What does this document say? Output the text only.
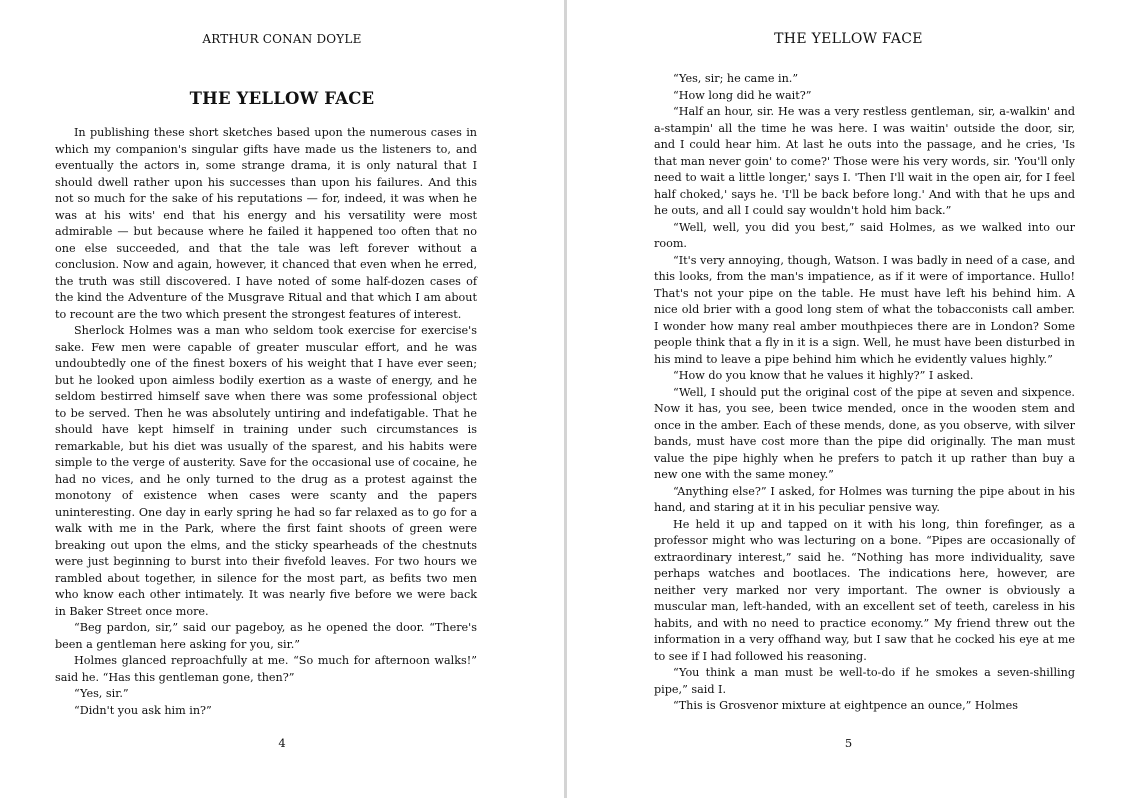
ARTHUR CONAN DOYLE
THE YELLOW FACE

In publishing these short sketches based upon the numerous cases in which my companion's singular gifts have made us the listeners to, and eventually the actors in, some strange drama, it is only natural that I should dwell rather upon his successes than upon his failures. And this not so much for the sake of his reputations — for, indeed, it was when he was at his wits' end that his energy and his versatility were most admirable — but because where he failed it happened too often that no one else succeeded, and that the tale was left forever without a conclusion. Now and again, however, it chanced that even when he erred, the truth was still discovered. I have noted of some half-dozen cases of the kind the Adventure of the Musgrave Ritual and that which I am about to recount are the two which present the strongest features of interest.

Sherlock Holmes was a man who seldom took exercise for exercise's sake. Few men were capable of greater muscular effort, and he was undoubtedly one of the finest boxers of his weight that I have ever seen; but he looked upon aimless bodily exertion as a waste of energy, and he seldom bestirred himself save when there was some professional object to be served. Then he was absolutely untiring and indefatigable. That he should have kept himself in training under such circumstances is remarkable, but his diet was usually of the sparest, and his habits were simple to the verge of austerity. Save for the occasional use of cocaine, he had no vices, and he only turned to the drug as a protest against the monotony of existence when cases were scanty and the papers uninteresting. One day in early spring he had so far relaxed as to go for a walk with me in the Park, where the first faint shoots of green were breaking out upon the elms, and the sticky spearheads of the chestnuts were just beginning to burst into their fivefold leaves. For two hours we rambled about together, in silence for the most part, as befits two men who know each other intimately. It was nearly five before we were back in Baker Street once more.

“Beg pardon, sir,” said our pageboy, as he opened the door. “There's been a gentleman here asking for you, sir.”

Holmes glanced reproachfully at me. “So much for afternoon walks!” said he. “Has this gentleman gone, then?”

“Yes, sir.”

“Didn't you ask him in?”

4
THE YELLOW FACE

“Yes, sir; he came in.”

“How long did he wait?”

“Half an hour, sir. He was a very restless gentleman, sir, a-walkin' and a-stampin' all the time he was here. I was waitin' outside the door, sir, and I could hear him. At last he outs into the passage, and he cries, 'Is that man never goin' to come?' Those were his very words, sir. 'You'll only need to wait a little longer,' says I. 'Then I'll wait in the open air, for I feel half choked,' says he. 'I'll be back before long.' And with that he ups and he outs, and all I could say wouldn't hold him back.”

“Well, well, you did you best,” said Holmes, as we walked into our room.

“It's very annoying, though, Watson. I was badly in need of a case, and this looks, from the man's impatience, as if it were of importance. Hullo! That's not your pipe on the table. He must have left his behind him. A nice old brier with a good long stem of what the tobacconists call amber. I wonder how many real amber mouthpieces there are in London? Some people think that a fly in it is a sign. Well, he must have been disturbed in his mind to leave a pipe behind him which he evidently values highly.”

“How do you know that he values it highly?” I asked.

“Well, I should put the original cost of the pipe at seven and sixpence. Now it has, you see, been twice mended, once in the wooden stem and once in the amber. Each of these mends, done, as you observe, with silver bands, must have cost more than the pipe did originally. The man must value the pipe highly when he prefers to patch it up rather than buy a new one with the same money.”

“Anything else?” I asked, for Holmes was turning the pipe about in his hand, and staring at it in his peculiar pensive way.

He held it up and tapped on it with his long, thin forefinger, as a professor might who was lecturing on a bone. “Pipes are occasionally of extraordinary interest,” said he. “Nothing has more individuality, save perhaps watches and bootlaces. The indications here, however, are neither very marked nor very important. The owner is obviously a muscular man, left-handed, with an excellent set of teeth, careless in his habits, and with no need to practice economy.” My friend threw out the information in a very offhand way, but I saw that he cocked his eye at me to see if I had followed his reasoning.

“You think a man must be well-to-do if he smokes a seven-shilling pipe,” said I.

“This is Grosvenor mixture at eightpence an ounce,” Holmes

5
